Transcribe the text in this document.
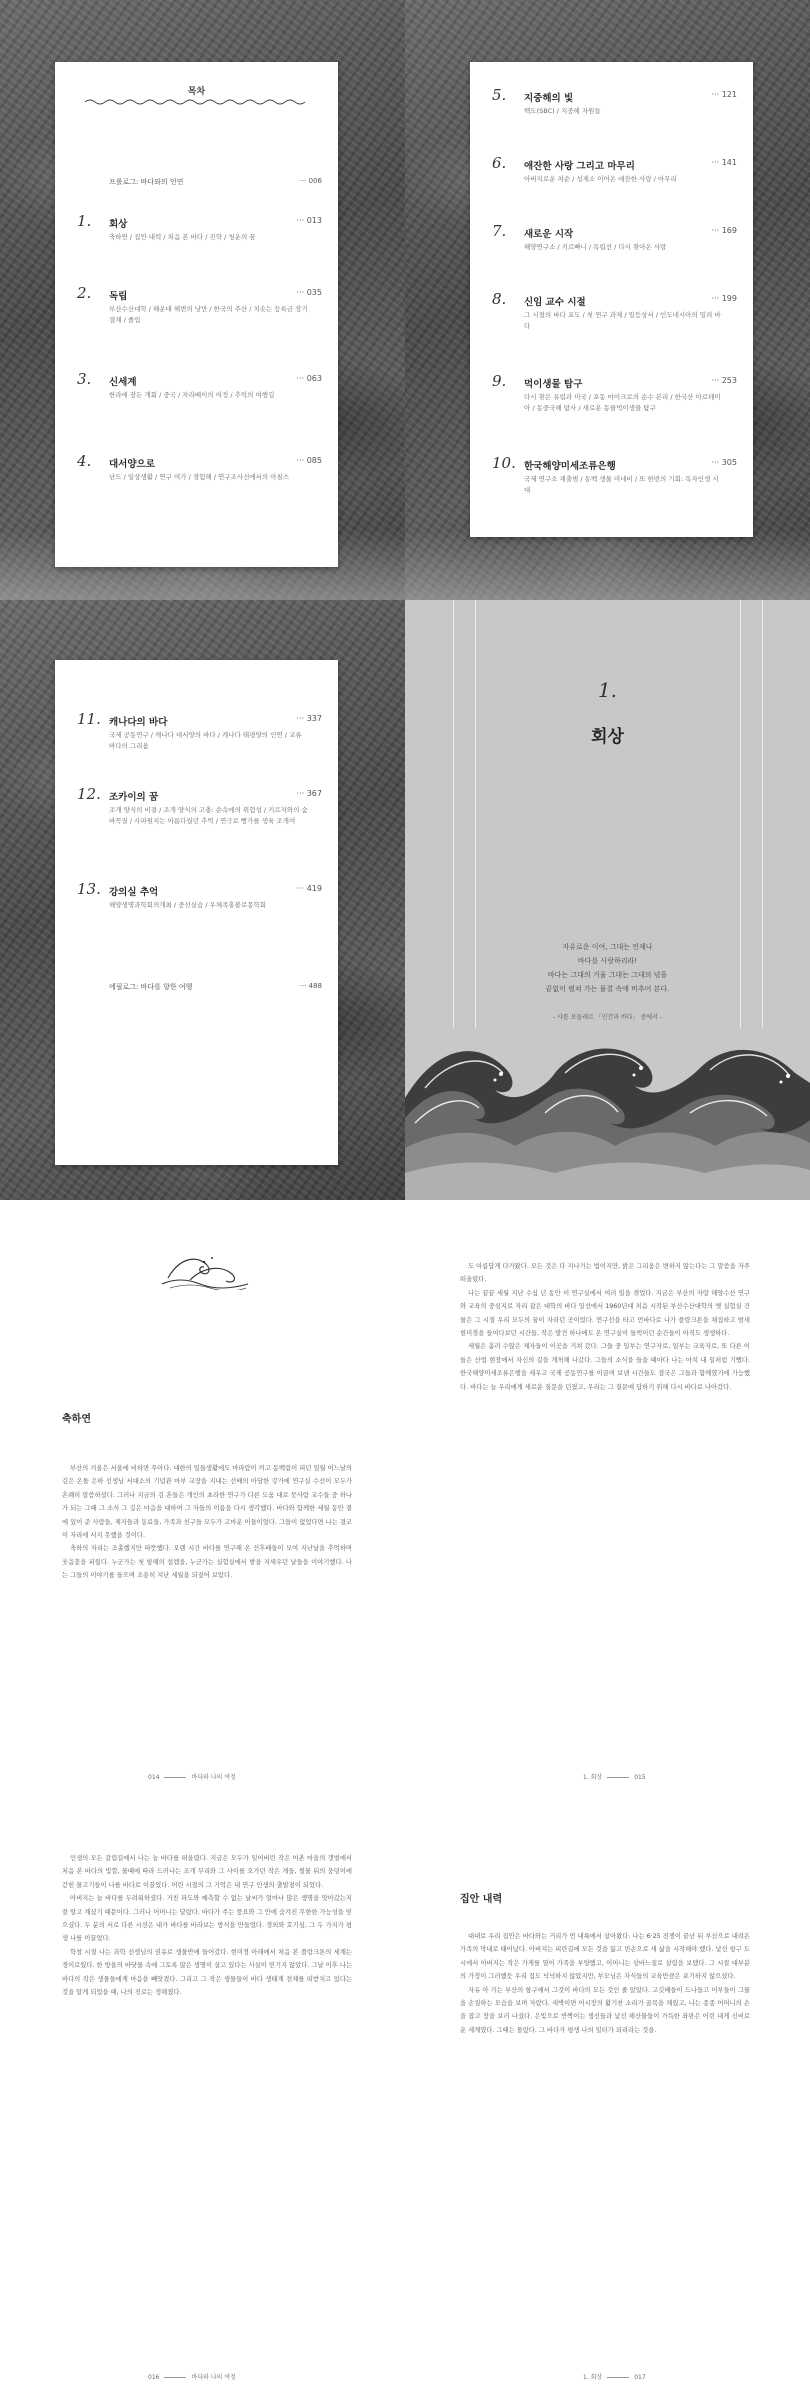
목차
프롤로그: 바다와의 인연	··· 006
1. 회상	··· 013
축하연 / 집안 내력 / 처음 본 바다 / 진학 / 청운의 꿈
2. 독립	··· 035
부산수산대학 / 해운대 해변의 낭만 / 한국의 주산 / 치솟는 등록금 장기결재 / 졸업
3. 신세계	··· 063
한라에 잠든 개회 / 중국 / 자라베이의 여정 / 추억의 여행길
4. 대서양으로	··· 085
난드 / 일상생활 / 연구 여가 / 경험해 / 연구조사선에서의 아침스
5. 지중해의 빛	··· 121
백도(SBC) / 지중해 자원들
6. 애잔한 사랑 그리고 마무리	··· 141
아버지로운 처순 / 성제소 이어온 애잔한 사랑 / 마무리
7. 새로운 시작	··· 169
해양연구소 / 키르빠니 / 독립선 / 다시 찾아온 사랑
8. 신임 교수 시절	··· 199
그 시절의 바다 포도 / 첫 연구 과제 / 일등상서 / 인도네시아의 밀려 바다
9. 먹이생물 탐구	··· 253
다시 찾은 유럽과 미국 / 포동 마이크로의 순수 본리 / 한국산 아르테미아 / 동중국해 탐사 / 새로운 동물먹이생물 탐구
10. 한국해양미세조류은행	··· 305
국제 연구소 재출범 / 동백 생물 미네비 / 또 한번의 기회: 독자인생 시대
11. 캐나다의 바다	··· 337
국제 공동연구 / 캐나다 대서양의 바다 / 캐나다 태평양의 인연 / 교류 바다의 그리움
12. 조카이의 꿈	··· 367
조개 양식의 비결 / 조개 양식의 고충: 순속에의 위험성 / 키르자와의 숨바꼭질 / 사파원지는 아름다웠던 추억 / 연극로 빵가를 생육 조개여
13. 강의실 추억	··· 419
해양생명과학회의개최 / 중선실습 / 우체족홍볼로몽학회
에필로그: 바다를 향한 여행	··· 488
1.
회상
자유로운 이여, 그대는 언제나
바다를 사랑하리라!
바다는 그대의 거울 그대는 그대의 넋을
끝없이 펼쳐 가는 물결 속에 비추어 본다.
- 샤를 보들레르 「인간과 바다」 중에서 -
축하연

부산의 겨울은 서울에 비하면 푸아다. 대한의 일들생활에도 마파람이 끼고 동백림이 피던 일월 어느날의 깊은 온돌 은하 선생님 서대소의 기념관 마부 교장을 지내는 선배의 아담한 강가에 연구실 수선이 모두가 흔쾌히 말씀하셨다. 그러나 지금의 김 흔들은 개인의 초라한 연구가 다른 도움 대로 뭇사람 교수들 중 하나가 되는 그때 그 소식 그 깊은 마음을 대하며 그 자들의 이름을 다시 생각했다. 바다와 함께한 세월 동안 곁에 있어 준 사람들, 제자들과 동료들, 가족과 친구들 모두가 고마운 이들이었다. 그들이 없었다면 나는 결코 이 자리에 서지 못했을 것이다.

축하의 자리는 조촐했지만 따뜻했다. 오랜 시간 바다를 연구해 온 선후배들이 모여 지난날을 추억하며 웃음꽃을 피웠다. 누군가는 첫 항해의 설렘을, 누군가는 실험실에서 밤을 지새우던 날들을 이야기했다. 나는 그들의 이야기를 들으며 조용히 지난 세월을 되짚어 보았다.

014	바다와 나의 여정

도 아름답게 다가왔다. 모든 것은 다 지나가는 법이지만, 밝은 그리움은 변하지 않는다는 그 말씀을 자주 떠올렸다.

나는 끝끝 세월 지난 수십 년 동안 이 연구실에서 여러 일을 겪었다. 지금은 부산의 자랑 해양수산 연구와 교육의 중심지로 자리 잡은 대학의 바다 일선에서 1960년대 처음 시작된 부산수산대학의 옛 실험실 건물은 그 시절 우리 모두의 꿈이 자라던 곳이었다. 연구선을 타고 먼바다로 나가 플랑크톤을 채집하고 밤새 현미경을 들여다보던 시간들, 작은 발견 하나에도 온 연구실이 들썩이던 순간들이 아직도 생생하다.

세월은 흘러 수많은 제자들이 이곳을 거쳐 갔다. 그들 중 일부는 연구자로, 일부는 교육자로, 또 다른 이들은 산업 현장에서 자신의 길을 개척해 나갔다. 그들의 소식을 들을 때마다 나는 마치 내 일처럼 기뻤다. 한국해양미세조류은행을 세우고 국제 공동연구를 이끌며 보낸 시간들도 결국은 그들과 함께였기에 가능했다. 바다는 늘 우리에게 새로운 질문을 던졌고, 우리는 그 질문에 답하기 위해 다시 바다로 나아갔다.

1. 회상	015

인생의 모든 갈림길에서 나는 늘 바다를 떠올렸다. 지금은 모두가 잊어버린 작은 어촌 마을의 갯벌에서 처음 본 바다의 빛깔, 물때에 따라 드러나는 조개 무리와 그 사이를 오가던 작은 게들, 썰물 뒤의 웅덩이에 갇힌 물고기들이 나를 바다로 이끌었다. 어린 시절의 그 기억은 내 연구 인생의 출발점이 되었다.

아버지는 늘 바다를 두려워하셨다. 거친 파도와 예측할 수 없는 날씨가 얼마나 많은 생명을 앗아갔는지 잘 알고 계셨기 때문이다. 그러나 어머니는 달랐다. 바다가 주는 풍요와 그 안에 숨겨진 무한한 가능성을 믿으셨다. 두 분의 서로 다른 시선은 내가 바다를 바라보는 방식을 만들었다. 경외와 호기심, 그 두 가지가 평생 나를 이끌었다.

학창 시절 나는 과학 선생님의 권유로 생물반에 들어갔다. 현미경 아래에서 처음 본 플랑크톤의 세계는 경이로웠다. 한 방울의 바닷물 속에 그토록 많은 생명이 살고 있다는 사실이 믿기지 않았다. 그날 이후 나는 바다의 작은 생물들에게 마음을 빼앗겼다. 그리고 그 작은 생물들이 바다 생태계 전체를 떠받치고 있다는 것을 알게 되었을 때, 나의 진로는 정해졌다.

016	바다와 나의 여정
집안 내력

대대로 우리 집안은 바다와는 거리가 먼 내륙에서 살아왔다. 나는 6·25 전쟁이 끝난 뒤 부산으로 내려온 가족의 막내로 태어났다. 아버지는 피란길에 모든 것을 잃고 빈손으로 새 삶을 시작해야 했다. 낯선 항구 도시에서 아버지는 작은 가게를 열어 가족을 부양했고, 어머니는 삯바느질로 살림을 보탰다. 그 시절 대부분의 가정이 그러했듯 우리 집도 넉넉하지 않았지만, 부모님은 자식들의 교육만큼은 포기하지 않으셨다.

자유 아 가는 부산의 항구에서 그것이 바다의 모든 것인 줄 알았다. 고깃배들이 드나들고 어부들이 그물을 손질하는 모습을 보며 자랐다. 새벽이면 어시장의 활기찬 소리가 골목을 채웠고, 나는 종종 어머니의 손을 잡고 장을 보러 나섰다. 은빛으로 반짝이는 생선들과 낯선 해산물들이 가득한 좌판은 어린 내게 신비로운 세계였다. 그때는 몰랐다. 그 바다가 평생 나의 일터가 되리라는 것을.

1. 회상	017
